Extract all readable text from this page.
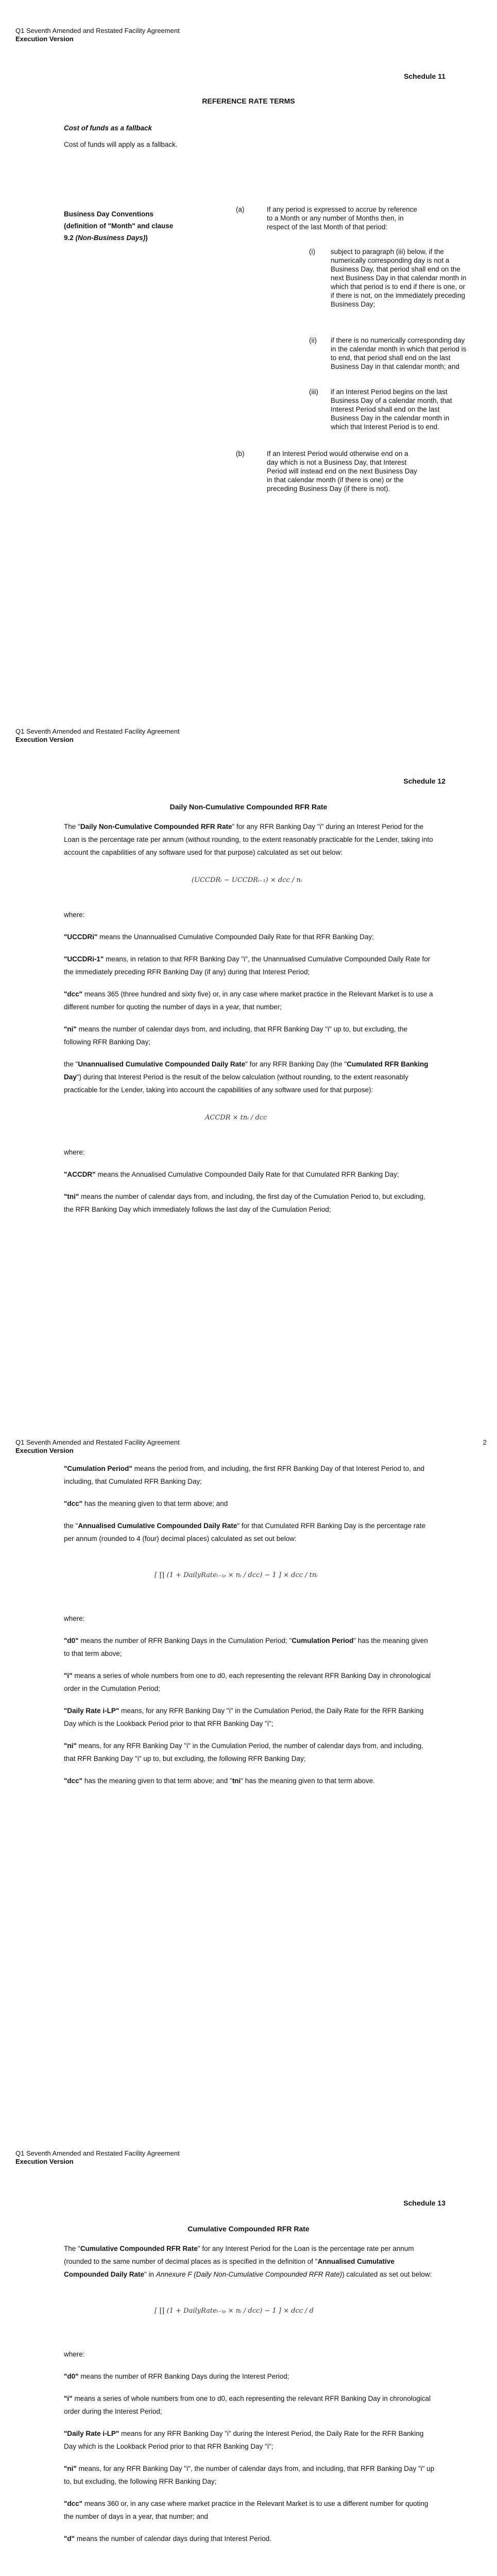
Q1 Seventh Amended and Restated Facility Agreement
Execution Version
Schedule 11
REFERENCE RATE TERMS
Cost of funds as a fallback
Cost of funds will apply as a fallback.
Business Day Conventions
(definition of "Month" and clause
9.2 (Non-Business Days))
(a)	If any period is expressed to accrue by reference to a Month or any number of Months then, in respect of the last Month of that period:
(i) subject to paragraph (iii) below, if the numerically corresponding day is not a Business Day, that period shall end on the next Business Day in that calendar month in which that period is to end if there is one, or if there is not, on the immediately preceding Business Day;
(ii) if there is no numerically corresponding day in the calendar month in which that period is to end, that period shall end on the last Business Day in that calendar month; and
(iii) if an Interest Period begins on the last Business Day of a calendar month, that Interest Period shall end on the last Business Day in the calendar month in which that Interest Period is to end.
(b)	If an Interest Period would otherwise end on a day which is not a Business Day, that Interest Period will instead end on the next Business Day in that calendar month (if there is one) or the preceding Business Day (if there is not).
Q1 Seventh Amended and Restated Facility Agreement
Execution Version
Schedule 12
Daily Non-Cumulative Compounded RFR Rate

The "Daily Non-Cumulative Compounded RFR Rate" for any RFR Banking Day "i" during an Interest Period for the Loan is the percentage rate per annum (without rounding, to the extent reasonably practicable for the Lender, taking into account the capabilities of any software used for that purpose) calculated as set out below:

(UCCDRᵢ − UCCDRᵢ₋₁) × dcc / nᵢ

where:

"UCCDRi" means the Unannualised Cumulative Compounded Daily Rate for that RFR Banking Day;

"UCCDRi-1" means, in relation to that RFR Banking Day "i", the Unannualised Cumulative Compounded Daily Rate for the immediately preceding RFR Banking Day (if any) during that Interest Period;

"dcc" means 365 (three hundred and sixty five) or, in any case where market practice in the Relevant Market is to use a different number for quoting the number of days in a year, that number;

"ni" means the number of calendar days from, and including, that RFR Banking Day "i" up to, but excluding, the following RFR Banking Day;

the "Unannualised Cumulative Compounded Daily Rate" for any RFR Banking Day (the "Cumulated RFR Banking Day") during that Interest Period is the result of the below calculation (without rounding, to the extent reasonably practicable for the Lender, taking into account the capabilities of any software used for that purpose):

ACCDR × tnᵢ / dcc

where:

"ACCDR" means the Annualised Cumulative Compounded Daily Rate for that Cumulated RFR Banking Day;

"tni" means the number of calendar days from, and including, the first day of the Cumulation Period to, but excluding, the RFR Banking Day which immediately follows the last day of the Cumulation Period;

Q1 Seventh Amended and Restated Facility Agreement
Execution Version
2

"Cumulation Period" means the period from, and including, the first RFR Banking Day of that Interest Period to, and including, that Cumulated RFR Banking Day;

"dcc" has the meaning given to that term above; and

the "Annualised Cumulative Compounded Daily Rate" for that Cumulated RFR Banking Day is the percentage rate per annum (rounded to 4 (four) decimal places) calculated as set out below:

[ ∏ (1 + DailyRateᵢ₋ₗₚ × nᵢ / dcc) − 1 ] × dcc / tnᵢ

where:

"d0" means the number of RFR Banking Days in the Cumulation Period; "Cumulation Period" has the meaning given to that term above;

"i" means a series of whole numbers from one to d0, each representing the relevant RFR Banking Day in chronological order in the Cumulation Period;

"Daily Rate i-LP" means, for any RFR Banking Day "i" in the Cumulation Period, the Daily Rate for the RFR Banking Day which is the Lookback Period prior to that RFR Banking Day "i";

"ni" means, for any RFR Banking Day "i" in the Cumulation Period, the number of calendar days from, and including, that RFR Banking Day "i" up to, but excluding, the following RFR Banking Day;

"dcc" has the meaning given to that term above; and "tni" has the meaning given to that term above.

Q1 Seventh Amended and Restated Facility Agreement
Execution Version
Schedule 13
Cumulative Compounded RFR Rate

The "Cumulative Compounded RFR Rate" for any Interest Period for the Loan is the percentage rate per annum (rounded to the same number of decimal places as is specified in the definition of "Annualised Cumulative Compounded Daily Rate" in Annexure F (Daily Non-Cumulative Compounded RFR Rate)) calculated as set out below:

[ ∏ (1 + DailyRateᵢ₋ₗₚ × nᵢ / dcc) − 1 ] × dcc / d

where:

"d0" means the number of RFR Banking Days during the Interest Period;

"i" means a series of whole numbers from one to d0, each representing the relevant RFR Banking Day in chronological order during the Interest Period;

"Daily Rate i-LP" means for any RFR Banking Day "i" during the Interest Period, the Daily Rate for the RFR Banking Day which is the Lookback Period prior to that RFR Banking Day "i";

"ni" means, for any RFR Banking Day "i", the number of calendar days from, and including, that RFR Banking Day "i" up to, but excluding, the following RFR Banking Day;

"dcc" means 360 or, in any case where market practice in the Relevant Market is to use a different number for quoting the number of days in a year, that number; and

"d" means the number of calendar days during that Interest Period.
